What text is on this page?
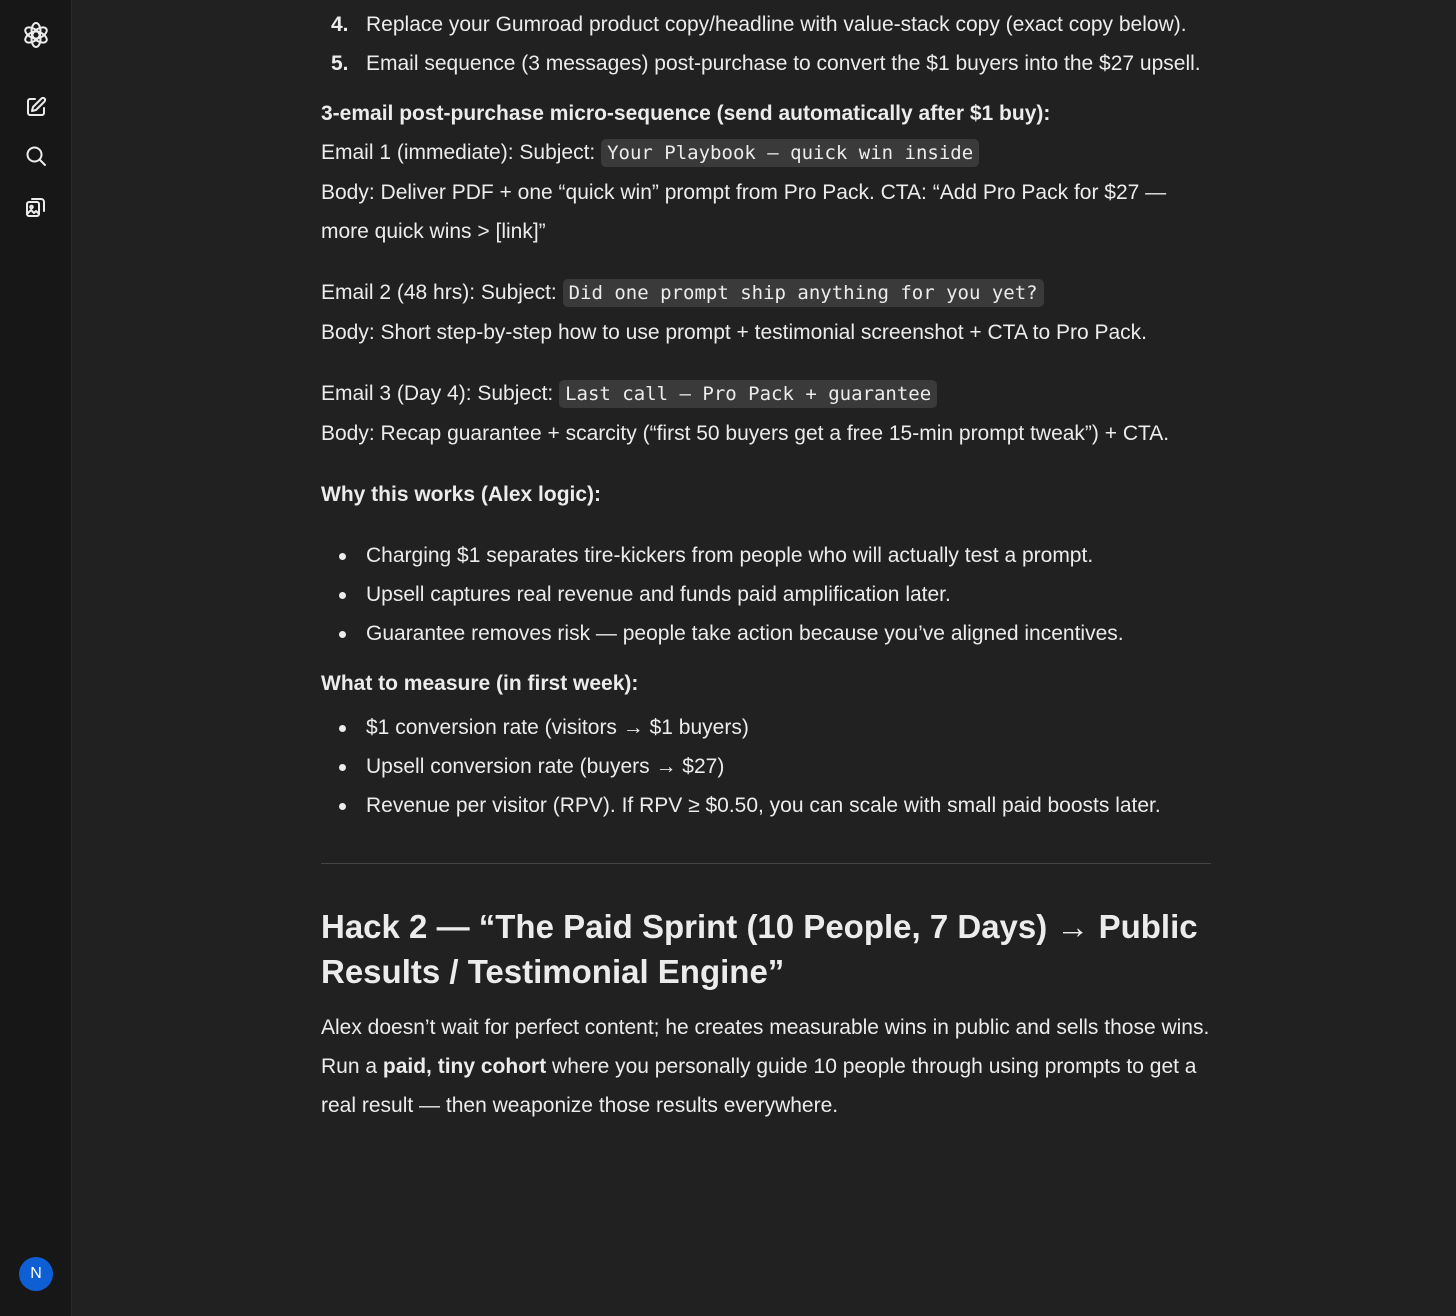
N
4. Replace your Gumroad product copy/headline with value-stack copy (exact copy below).
5. Email sequence (3 messages) post-purchase to convert the $1 buyers into the $27 upsell.
3-email post-purchase micro-sequence (send automatically after $1 buy):
Email 1 (immediate): Subject: Your Playbook — quick win inside
Body: Deliver PDF + one “quick win” prompt from Pro Pack. CTA: “Add Pro Pack for $27 — more quick wins > [link]”
Email 2 (48 hrs): Subject: Did one prompt ship anything for you yet?
Body: Short step-by-step how to use prompt + testimonial screenshot + CTA to Pro Pack.
Email 3 (Day 4): Subject: Last call — Pro Pack + guarantee
Body: Recap guarantee + scarcity (“first 50 buyers get a free 15-min prompt tweak”) + CTA.
Why this works (Alex logic):
Charging $1 separates tire-kickers from people who will actually test a prompt.
Upsell captures real revenue and funds paid amplification later.
Guarantee removes risk — people take action because you’ve aligned incentives.
What to measure (in first week):
$1 conversion rate (visitors → $1 buyers)
Upsell conversion rate (buyers → $27)
Revenue per visitor (RPV). If RPV ≥ $0.50, you can scale with small paid boosts later.
Hack 2 — “The Paid Sprint (10 People, 7 Days) → Public Results / Testimonial Engine”
Alex doesn’t wait for perfect content; he creates measurable wins in public and sells those wins. Run a paid, tiny cohort where you personally guide 10 people through using prompts to get a real result — then weaponize those results everywhere.
